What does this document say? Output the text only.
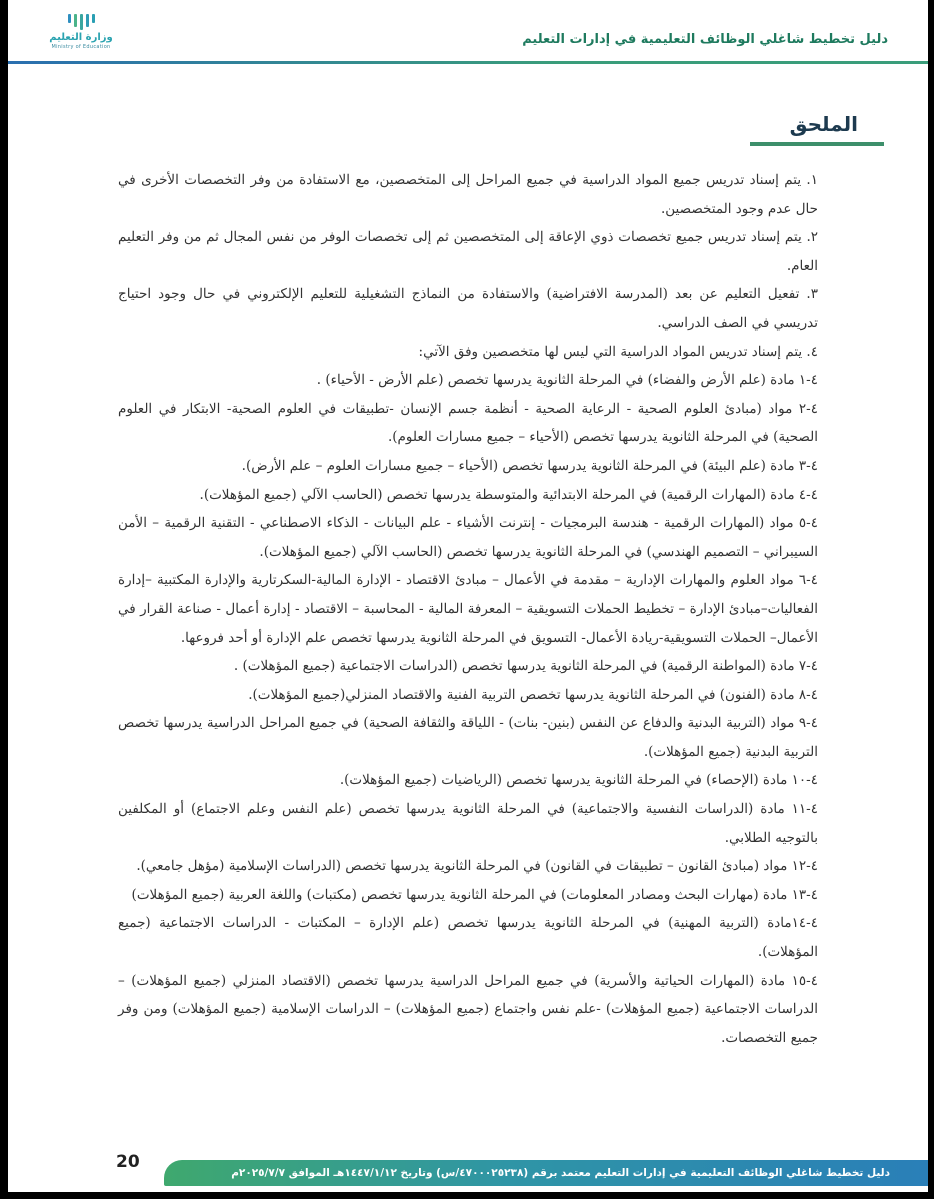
دليل تخطيط شاغلي الوظائف التعليمية في إدارات التعليم
وزارة التعليم
Ministry of Education
الملحق

١. يتم إسناد تدريس جميع المواد الدراسية في جميع المراحل إلى المتخصصين، مع الاستفادة من وفر التخصصات الأخرى في حال عدم وجود المتخصصين.

٢. يتم إسناد تدريس جميع تخصصات ذوي الإعاقة إلى المتخصصين ثم إلى تخصصات الوفر من نفس المجال ثم من وفر التعليم العام.

٣. تفعيل التعليم عن بعد (المدرسة الافتراضية) والاستفادة من النماذج التشغيلية للتعليم الإلكتروني في حال وجود احتياج تدريسي في الصف الدراسي.

٤. يتم إسناد تدريس المواد الدراسية التي ليس لها متخصصين وفق الآتي:

٤-١ مادة (علم الأرض والفضاء) في المرحلة الثانوية يدرسها تخصص (علم الأرض - الأحياء) .

٤-٢ مواد (مبادئ العلوم الصحية - الرعاية الصحية - أنظمة جسم الإنسان -تطبيقات في العلوم الصحية- الابتكار في العلوم الصحية) في المرحلة الثانوية يدرسها تخصص (الأحياء – جميع مسارات العلوم).

٤-٣ مادة (علم البيئة) في المرحلة الثانوية يدرسها تخصص (الأحياء – جميع مسارات العلوم – علم الأرض).

٤-٤ مادة (المهارات الرقمية) في المرحلة الابتدائية والمتوسطة يدرسها تخصص (الحاسب الآلي (جميع المؤهلات).

٤-٥ مواد (المهارات الرقمية - هندسة البرمجيات - إنترنت الأشياء - علم البيانات - الذكاء الاصطناعي - التقنية الرقمية – الأمن السيبراني – التصميم الهندسي) في المرحلة الثانوية يدرسها تخصص (الحاسب الآلي (جميع المؤهلات).

٤-٦ مواد العلوم والمهارات الإدارية – مقدمة في الأعمال – مبادئ الاقتصاد - الإدارة المالية-السكرتارية والإدارة المكتبية –إدارة الفعاليات–مبادئ الإدارة – تخطيط الحملات التسويقية – المعرفة المالية - المحاسبة – الاقتصاد - إدارة أعمال - صناعة القرار في الأعمال– الحملات التسويقية-ريادة الأعمال- التسويق في المرحلة الثانوية يدرسها تخصص علم الإدارة أو أحد فروعها.

٤-٧ مادة (المواطنة الرقمية) في المرحلة الثانوية يدرسها تخصص (الدراسات الاجتماعية (جميع المؤهلات) .

٤-٨ مادة (الفنون) في المرحلة الثانوية يدرسها تخصص التربية الفنية والاقتصاد المنزلي(جميع المؤهلات).

٤-٩ مواد (التربية البدنية والدفاع عن النفس (بنين- بنات) - اللياقة والثقافة الصحية) في جميع المراحل الدراسية يدرسها تخصص التربية البدنية (جميع المؤهلات).

٤-١٠ مادة (الإحصاء) في المرحلة الثانوية يدرسها تخصص (الرياضيات (جميع المؤهلات).

٤-١١ مادة (الدراسات النفسية والاجتماعية) في المرحلة الثانوية يدرسها تخصص (علم النفس وعلم الاجتماع) أو المكلفين بالتوجيه الطلابي.

٤-١٢ مواد (مبادئ القانون – تطبيقات في القانون) في المرحلة الثانوية يدرسها تخصص (الدراسات الإسلامية (مؤهل جامعي).

٤-١٣ مادة (مهارات البحث ومصادر المعلومات) في المرحلة الثانوية يدرسها تخصص (مكتبات) واللغة العربية (جميع المؤهلات)

٤-١٤مادة (التربية المهنية) في المرحلة الثانوية يدرسها تخصص (علم الإدارة – المكتبات - الدراسات الاجتماعية (جميع المؤهلات).

٤-١٥ مادة (المهارات الحياتية والأسرية) في جميع المراحل الدراسية يدرسها تخصص (الاقتصاد المنزلي (جميع المؤهلات) – الدراسات الاجتماعية (جميع المؤهلات) -علم نفس واجتماع (جميع المؤهلات) – الدراسات الإسلامية (جميع المؤهلات) ومن وفر جميع التخصصات.

20
دليل تخطيط شاغلي الوظائف التعليمية في إدارات التعليم معتمد برقم (٤٧٠٠٠٢٥٢٣٨/س) وتاريخ ١٤٤٧/١/١٢هـ الموافق ٢٠٢٥/٧/٧م
